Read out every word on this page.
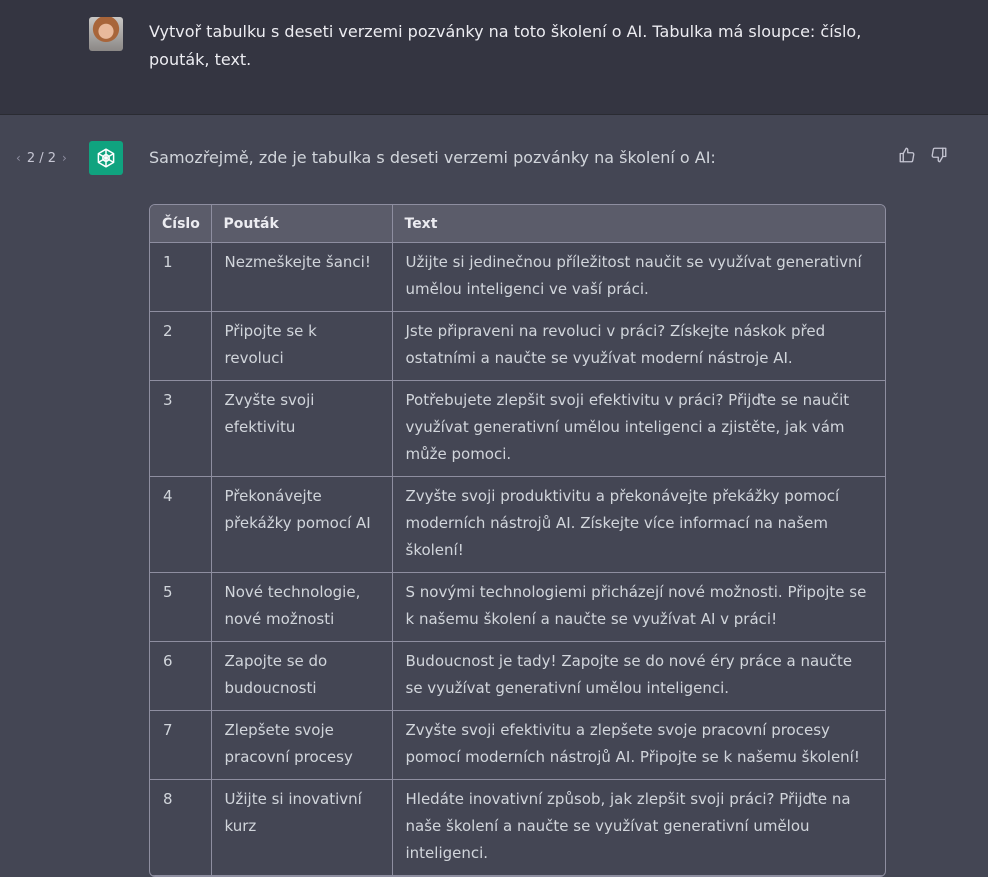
Vytvoř tabulku s deseti verzemi pozvánky na toto školení o AI. Tabulka má sloupce: číslo, pouták, text.
‹ 2 / 2 ›	Samozřejmě, zde je tabulka s deseti verzemi pozvánky na školení o AI:
Číslo	Pouták	Text
1	Nezmeškejte šanci!	Užijte si jedinečnou příležitost naučit se využívat generativní umělou inteligenci ve vaší práci.
2	Připojte se k revoluci	Jste připraveni na revoluci v práci? Získejte náskok před ostatními a naučte se využívat moderní nástroje AI.
3	Zvyšte svoji efektivitu	Potřebujete zlepšit svoji efektivitu v práci? Přijďte se naučit využívat generativní umělou inteligenci a zjistěte, jak vám může pomoci.
4	Překonávejte překážky pomocí AI	Zvyšte svoji produktivitu a překonávejte překážky pomocí moderních nástrojů AI. Získejte více informací na našem školení!
5	Nové technologie, nové možnosti	S novými technologiemi přicházejí nové možnosti. Připojte se k našemu školení a naučte se využívat AI v práci!
6	Zapojte se do budoucnosti	Budoucnost je tady! Zapojte se do nové éry práce a naučte se využívat generativní umělou inteligenci.
7	Zlepšete svoje pracovní procesy	Zvyšte svoji efektivitu a zlepšete svoje pracovní procesy pomocí moderních nástrojů AI. Připojte se k našemu školení!
8	Užijte si inovativní kurz	Hledáte inovativní způsob, jak zlepšit svoji práci? Přijďte na naše školení a naučte se využívat generativní umělou inteligenci.
